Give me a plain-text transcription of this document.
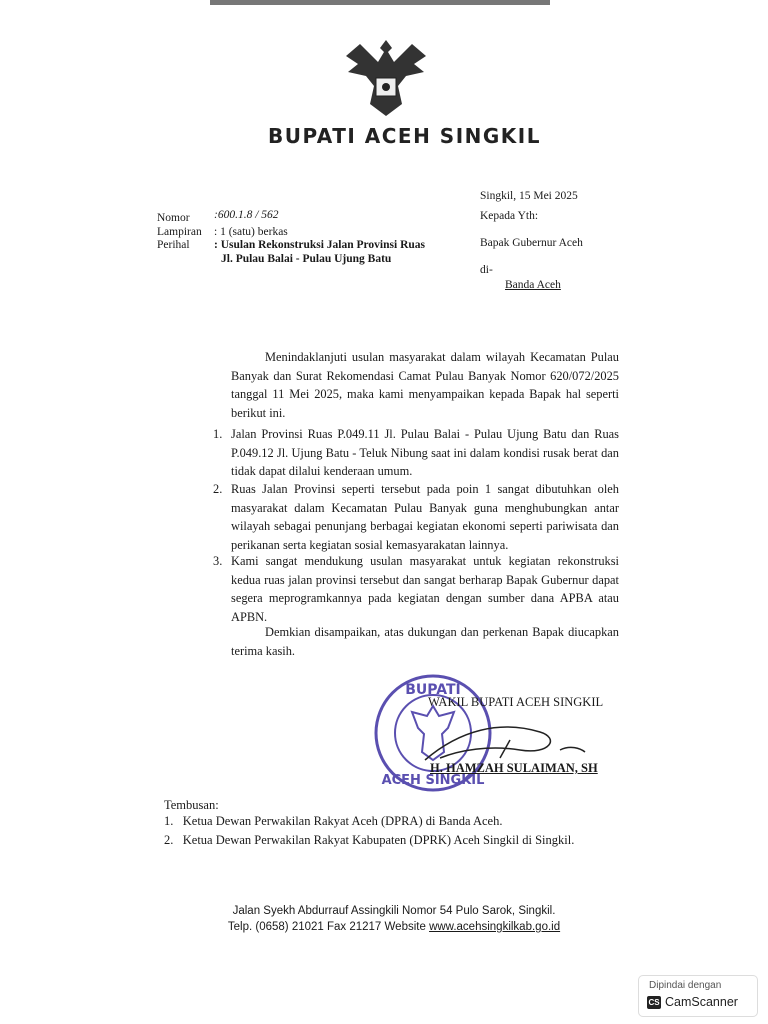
BUPATI ACEH SINGKIL
Singkil, 15 Mei 2025
Kepada Yth:
Bapak Gubernur Aceh
di-
Banda Aceh
Nomor :600.1.8 / 562
Lampiran : 1 (satu) berkas
Perihal : Usulan Rekonstruksi Jalan Provinsi Ruas
Jl. Pulau Balai - Pulau Ujung Batu
Menindaklanjuti usulan masyarakat dalam wilayah Kecamatan Pulau Banyak dan Surat Rekomendasi Camat Pulau Banyak Nomor 620/072/2025 tanggal 11 Mei 2025, maka kami menyampaikan kepada Bapak hal seperti berikut ini.
1. Jalan Provinsi Ruas P.049.11 Jl. Pulau Balai - Pulau Ujung Batu dan Ruas P.049.12 Jl. Ujung Batu - Teluk Nibung saat ini dalam kondisi rusak berat dan tidak dapat dilalui kenderaan umum.
2. Ruas Jalan Provinsi seperti tersebut pada poin 1 sangat dibutuhkan oleh masyarakat dalam Kecamatan Pulau Banyak guna menghubungkan antar wilayah sebagai penunjang berbagai kegiatan ekonomi seperti pariwisata dan perikanan serta kegiatan sosial kemasyarakatan lainnya.
3. Kami sangat mendukung usulan masyarakat untuk kegiatan rekonstruksi kedua ruas jalan provinsi tersebut dan sangat berharap Bapak Gubernur dapat segera meprogramkannya pada kegiatan dengan sumber dana APBA atau APBN.
Demkian disampaikan, atas dukungan dan perkenan Bapak diucapkan terima kasih.
BUPATI
ACEH SINGKIL
WAKIL BUPATI ACEH SINGKIL
H. HAMZAH SULAIMAN, SH
Tembusan:
1. Ketua Dewan Perwakilan Rakyat Aceh (DPRA) di Banda Aceh.
2. Ketua Dewan Perwakilan Rakyat Kabupaten (DPRK) Aceh Singkil di Singkil.
Jalan Syekh Abdurrauf Assingkili Nomor 54 Pulo Sarok, Singkil.
Telp. (0658) 21021 Fax 21217 Website www.acehsingkilkab.go.id
Dipindai dengan
CS CamScanner
